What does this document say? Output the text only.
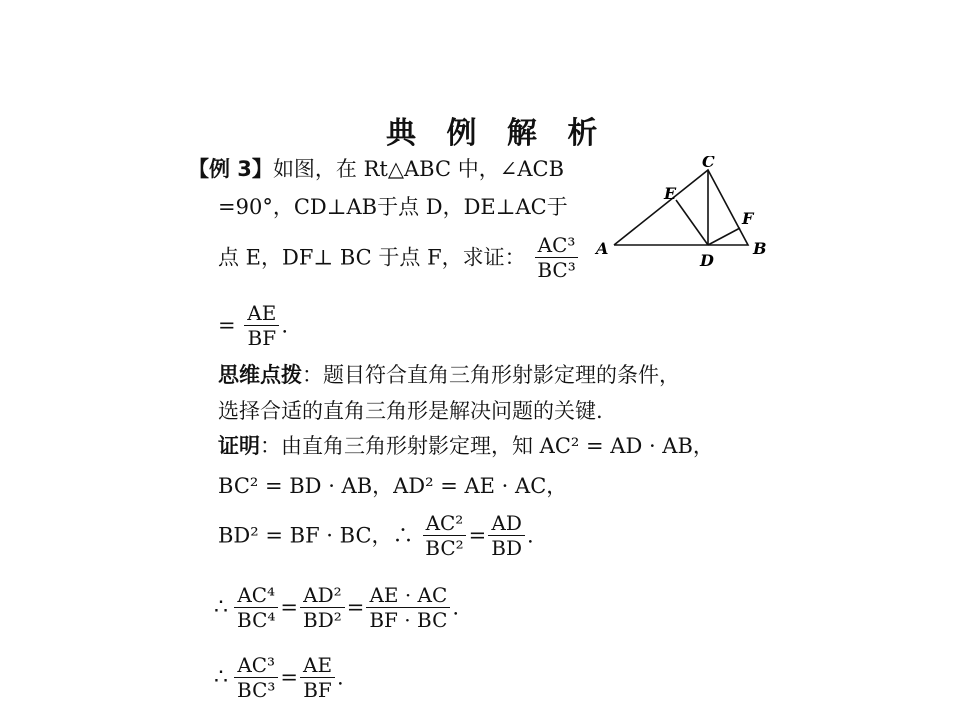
典 例 解 析
【例 3】如图，在 Rt△ABC 中，∠ACB
=90°，CD⊥AB于点 D，DE⊥AC于
点 E，DF⊥ BC 于点 F，求证： $\frac{\text{AC³}}{\text{BC³}}$
= $\frac{AE}{BF}$ .
A	B
C
D
E
F
思维点拨：题目符合直角三角形射影定理的条件，
选择合适的直角三角形是解决问题的关键.
证明：由直角三角形射影定理，知 AC² = AD · AB，
BC² = BD · AB，AD² = AE · AC，
BD² = BF · BC，∴ $\frac{\text{AC²}}{\text{BC²}} = \frac{AD}{BD}$ .
∴ $\frac{\text{AC⁴}}{\text{BC⁴}} = \frac{\text{AD²}}{\text{BD²}} = \frac{AE \cdot AC}{BF \cdot BC}$ .
∴ $\frac{\text{AC³}}{\text{BC³}} = \frac{AE}{BF}$ .
